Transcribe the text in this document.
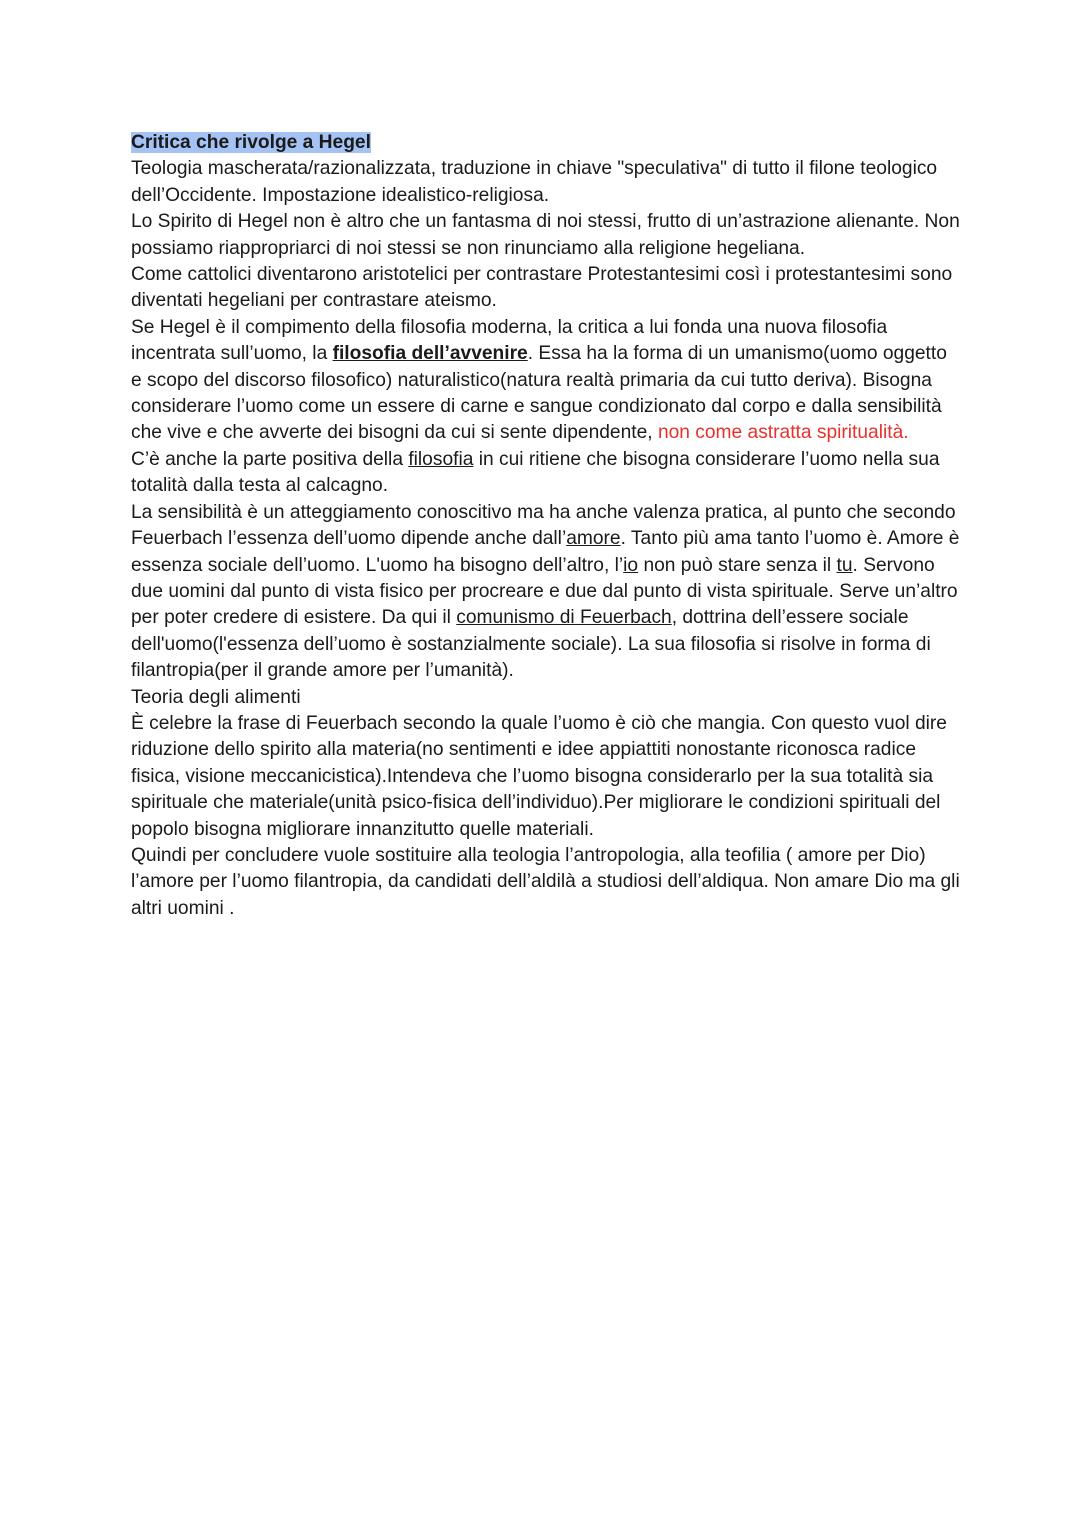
Critica che rivolge a Hegel

Teologia mascherata/razionalizzata, traduzione in chiave "speculativa" di tutto il filone teologico dell’Occidente. Impostazione idealistico-religiosa.

Lo Spirito di Hegel non è altro che un fantasma di noi stessi, frutto di un’astrazione alienante. Non possiamo riappropriarci di noi stessi se non rinunciamo alla religione hegeliana.

Come cattolici diventarono aristotelici per contrastare Protestantesimi così i protestantesimi sono diventati hegeliani per contrastare ateismo.

Se Hegel è il compimento della filosofia moderna, la critica a lui fonda una nuova filosofia incentrata sull’uomo, la filosofia dell’avvenire. Essa ha la forma di un umanismo(uomo oggetto e scopo del discorso filosofico) naturalistico(natura realtà primaria da cui tutto deriva). Bisogna considerare l’uomo come un essere di carne e sangue condizionato dal corpo e dalla sensibilità che vive e che avverte dei bisogni da cui si sente dipendente, non come astratta spiritualità.

C’è anche la parte positiva della filosofia in cui ritiene che bisogna considerare l’uomo nella sua totalità dalla testa al calcagno.

La sensibilità è un atteggiamento conoscitivo ma ha anche valenza pratica, al punto che secondo Feuerbach l’essenza dell’uomo dipende anche dall’amore. Tanto più ama tanto l’uomo è. Amore è essenza sociale dell’uomo. L'uomo ha bisogno dell’altro, l’io non può stare senza il tu. Servono due uomini dal punto di vista fisico per procreare e due dal punto di vista spirituale. Serve un’altro per poter credere di esistere. Da qui il comunismo di Feuerbach, dottrina dell’essere sociale dell'uomo(l'essenza dell’uomo è sostanzialmente sociale). La sua filosofia si risolve in forma di filantropia(per il grande amore per l’umanità).

Teoria degli alimenti

È celebre la frase di Feuerbach secondo la quale l’uomo è ciò che mangia. Con questo vuol dire riduzione dello spirito alla materia(no sentimenti e idee appiattiti nonostante riconosca radice fisica, visione meccanicistica).Intendeva che l’uomo bisogna considerarlo per la sua totalità sia spirituale che materiale(unità psico-fisica dell’individuo).Per migliorare le condizioni spirituali del popolo bisogna migliorare innanzitutto quelle materiali.

Quindi per concludere vuole sostituire alla teologia l’antropologia, alla teofilia ( amore per Dio) l’amore per l’uomo filantropia, da candidati dell’aldilà a studiosi dell’aldiqua. Non amare Dio ma gli altri uomini .
